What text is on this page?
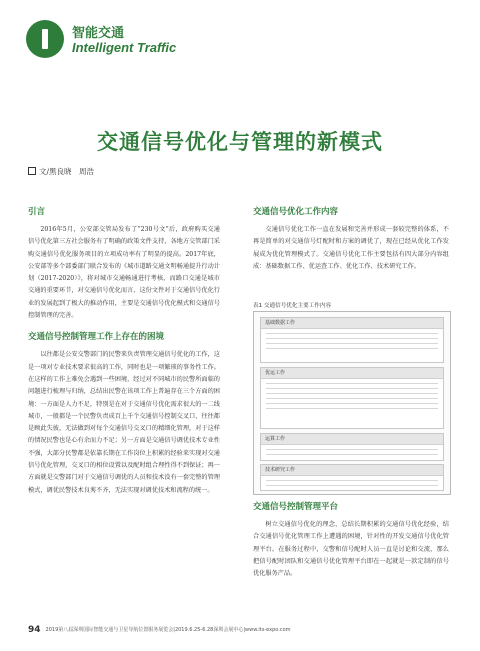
智能交通
Intelligent Traffic
交通信号优化与管理的新模式
文/黑良晓　周浩
引言

2016年5月，公安部交管局发布了“230号文”后，政府购买交通信号优化第三方社会服务有了明确的政策文件支持，各地方交管部门采购交通信号优化服务项目的立项成功率有了明显的提高。2017年底，公安部等多个部委部门联合发布的《城市道路交通文明畅通提升行动计划（2017-2020）》，将对城市交通畅通进行考核，而路口交通是城市交通的重要环节，对交通信号优化而言，这份文件对于交通信号优化行业的发展起到了极大的推动作用，主要是交通信号优化模式和交通信号控制管理的完善。

交通信号控制管理工作上存在的困境

以往都是公安交警部门的民警来负责管理交通信号优化的工作，这是一项对专业技术要求很高的工作，同时也是一项繁琐的事务性工作。在这样的工作上难免会遇到一些困境，经过对不同城市的民警所面临的问题进行梳理与归纳，总结出民警在该项工作上普遍存在三个方面的困境：一方面是人力不足，特别是在对于交通信号优化需求很大的一二线城市，一般都是一个民警负责成百上千个交通信号控制交叉口，往往都是顾此失彼，无法做到对每个交通信号交叉口的精细化管理，对于这样的情况民警也是心有余而力不足；另一方面是交通信号调优技术专业性不强，大部分民警都是依靠长期在工作岗位上积累的经验来实现对交通信号优化管理，交叉口的相位设置以及配时组合理性得不到保证；再一方面就是交警部门对于交通信号调优的人员和技术没有一套完整的管理模式，调优民警技术良莠不齐，无法实现对调优技术和流程的统一。

交通信号优化工作内容

交通信号优化工作一直在发展和完善并形成一套较完整的体系，不再是简单的对交通信号灯配时和方案的调优了，现在已经从优化工作发展成为优化管理模式了。交通信号优化工作主要包括有四大部分内容组成：基础数据工作、优运查工作、优化工作、技术研究工作。

表1 交通信号优化主要工作内容
基础数据工作
优运工作
运算工作
技术研究工作
交通信号控制管理平台

树立交通信号优化的理念，总结长期积累的交通信号优化经验，结合交通信号优化管理工作上遭遇的困境，针对性的开发交通信号优化管理平台。在服务过程中，交警和信号配时人员一直是讨论和交流，那么把信号配时团队和交通信号优化管理平台即在一起就是一款定制的信号优化服务产品。

94 2019第八届深圳国际智能交通与卫星导航位置服务展览会|2019.6.25-6.28深圳会展中心|www.its-expo.com
